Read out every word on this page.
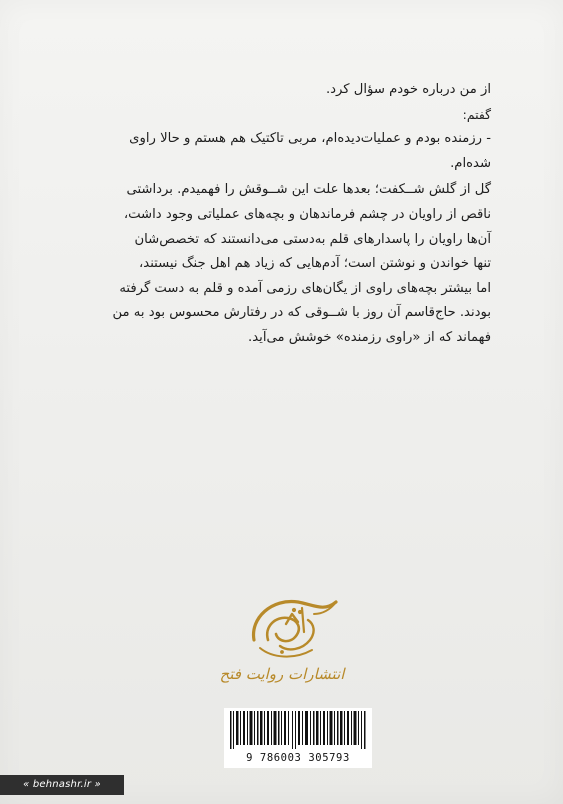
از من درباره خودم سؤال کرد.
گفتم:
- رزمنده بودم و عملیات‌دیده‌ام، مربی تاکتیک هم هستم و حالا راوی
شده‌ام.
گل از گلش شــکفت؛ بعدها علت این شــوقش را فهمیدم. برداشتی
ناقص از راویان در چشم فرماندهان و بچه‌های عملیاتی وجود داشت،
آن‌ها راویان را پاسدارهای قلم به‌دستی می‌دانستند که تخصص‌شان
تنها خواندن و نوشتن است؛ آدم‌هایی که زیاد هم اهل جنگ نیستند،
اما بیشتر بچه‌های راوی از یگان‌های رزمی آمده و قلم به دست گرفته
بودند. حاج‌قاسم آن روز با شــوقی که در رفتارش محسوس بود به من
فهماند که از «راوی رزمنده» خوشش می‌آید.
انتشارات روایت فتح
9 786003 305793
« behnashr.ir »
